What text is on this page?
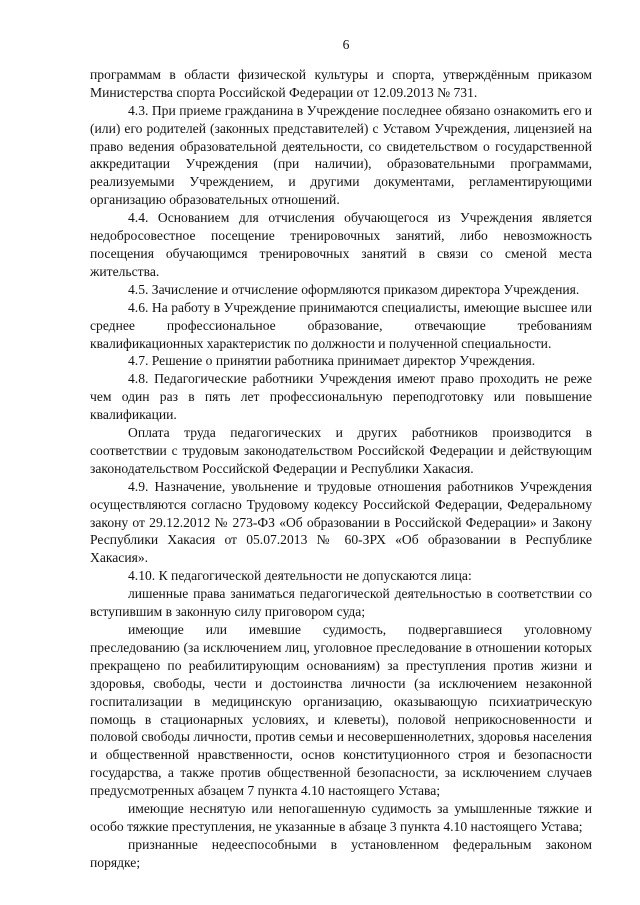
6

программам в области физической культуры и спорта, утверждённым приказом Министерства спорта Российской Федерации от 12.09.2013 № 731.

4.3. При приеме гражданина в Учреждение последнее обязано ознакомить его и (или) его родителей (законных представителей) с Уставом Учреждения, лицензией на право ведения образовательной деятельности, со свидетельством о государственной аккредитации Учреждения (при наличии), образовательными программами, реализуемыми Учреждением, и другими документами, регламентирующими организацию образовательных отношений.

4.4. Основанием для отчисления обучающегося из Учреждения является недобросовестное посещение тренировочных занятий, либо невозможность посещения обучающимся тренировочных занятий в связи со сменой места жительства.

4.5. Зачисление и отчисление оформляются приказом директора Учреждения.

4.6. На работу в Учреждение принимаются специалисты, имеющие высшее или среднее профессиональное образование, отвечающие требованиям квалификационных характеристик по должности и полученной специальности.

4.7. Решение о принятии работника принимает директор Учреждения.

4.8. Педагогические работники Учреждения имеют право проходить не реже чем один раз в пять лет профессиональную переподготовку или повышение квалификации.

Оплата труда педагогических и других работников производится в соответствии с трудовым законодательством Российской Федерации и действующим законодательством Российской Федерации и Республики Хакасия.

4.9. Назначение, увольнение и трудовые отношения работников Учреждения осуществляются согласно Трудовому кодексу Российской Федерации, Федеральному закону от 29.12.2012 № 273-ФЗ «Об образовании в Российской Федерации» и Закону Республики Хакасия от 05.07.2013 № 60-ЗРХ «Об образовании в Республике Хакасия».

4.10. К педагогической деятельности не допускаются лица:

лишенные права заниматься педагогической деятельностью в соответствии со вступившим в законную силу приговором суда;

имеющие или имевшие судимость, подвергавшиеся уголовному преследованию (за исключением лиц, уголовное преследование в отношении которых прекращено по реабилитирующим основаниям) за преступления против жизни и здоровья, свободы, чести и достоинства личности (за исключением незаконной госпитализации в медицинскую организацию, оказывающую психиатрическую помощь в стационарных условиях, и клеветы), половой неприкосновенности и половой свободы личности, против семьи и несовершеннолетних, здоровья населения и общественной нравственности, основ конституционного строя и безопасности государства, а также против общественной безопасности, за исключением случаев предусмотренных абзацем 7 пункта 4.10 настоящего Устава;

имеющие неснятую или непогашенную судимость за умышленные тяжкие и особо тяжкие преступления, не указанные в абзаце 3 пункта 4.10 настоящего Устава;

признанные недееспособными в установленном федеральным законом порядке;
